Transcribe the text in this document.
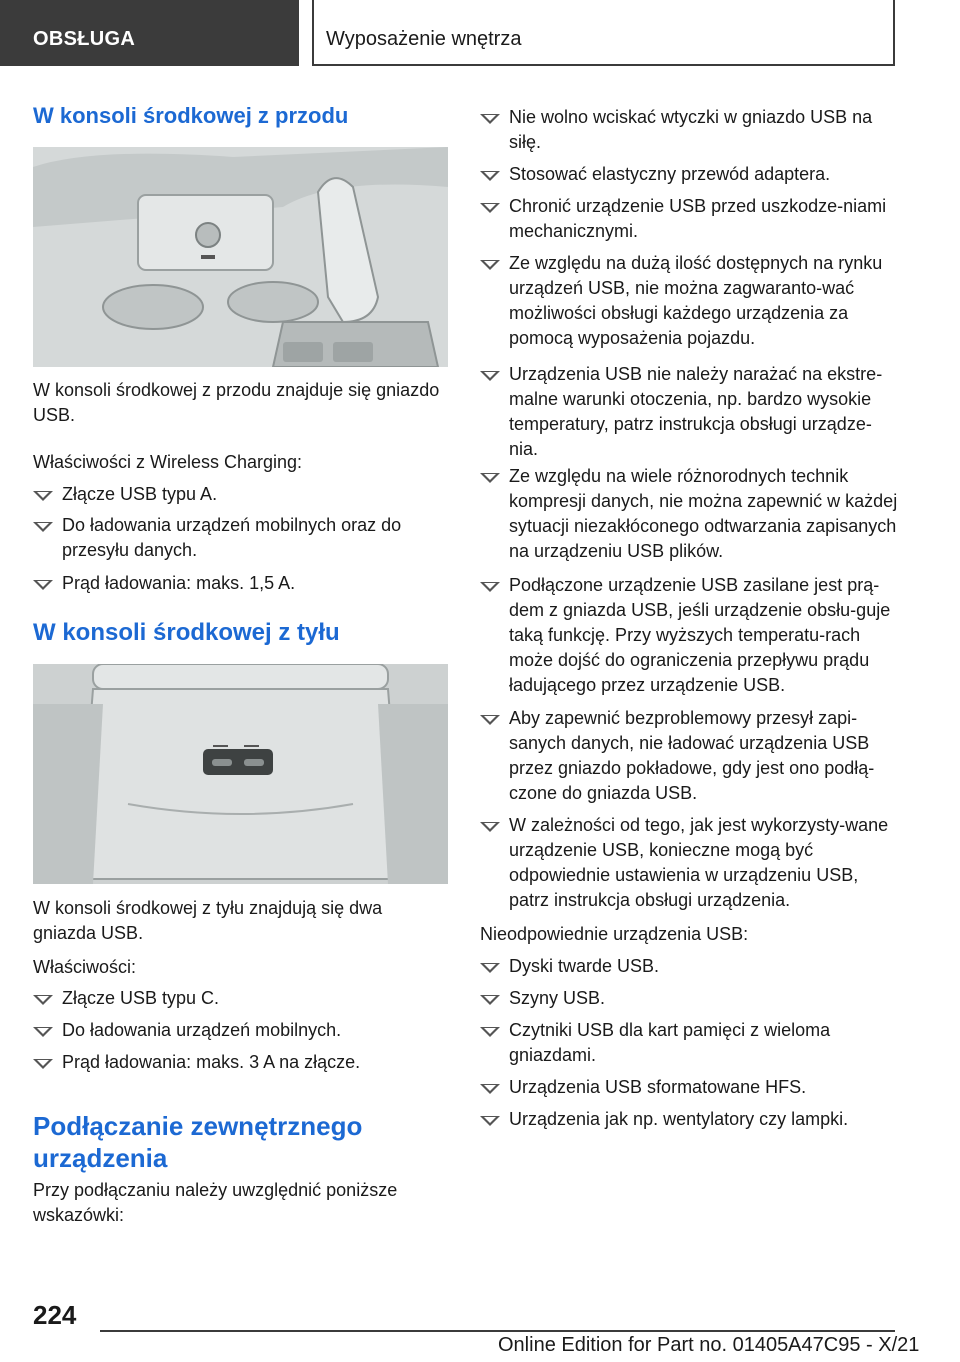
OBSŁUGA	Wyposażenie wnętrza
W konsoli środkowej z przodu

W konsoli środkowej z przodu znajduje się gniazdo USB.

Właściwości z Wireless Charging:

Złącze USB typu A.
Do ładowania urządzeń mobilnych oraz do przesyłu danych.
Prąd ładowania: maks. 1,5 A.
W konsoli środkowej z tyłu

W konsoli środkowej z tyłu znajdują się dwa gniazda USB.

Właściwości:

Złącze USB typu C.
Do ładowania urządzeń mobilnych.
Prąd ładowania: maks. 3 A na złącze.
Podłączanie zewnętrznego urządzenia

Przy podłączaniu należy uwzględnić poniższe wskazówki:

Nie wolno wciskać wtyczki w gniazdo USB na siłę.
Stosować elastyczny przewód adaptera.
Chronić urządzenie USB przed uszkodze-niami mechanicznymi.
Ze względu na dużą ilość dostępnych na rynku urządzeń USB, nie można zagwaranto-wać możliwości obsługi każdego urządzenia za pomocą wyposażenia pojazdu.
Urządzenia USB nie należy narażać na ekstre-malne warunki otoczenia, np. bardzo wysokie temperatury, patrz instrukcja obsługi urządze-nia.
Ze względu na wiele różnorodnych technik kompresji danych, nie można zapewnić w każdej sytuacji niezakłóconego odtwarzania zapisanych na urządzeniu USB plików.
Podłączone urządzenie USB zasilane jest prą-dem z gniazda USB, jeśli urządzenie obsłu-guje taką funkcję. Przy wyższych temperatu-rach może dojść do ograniczenia przepływu prądu ładującego przez urządzenie USB.
Aby zapewnić bezproblemowy przesył zapi-sanych danych, nie ładować urządzenia USB przez gniazdo pokładowe, gdy jest ono podłą-czone do gniazda USB.
W zależności od tego, jak jest wykorzysty-wane urządzenie USB, konieczne mogą być odpowiednie ustawienia w urządzeniu USB, patrz instrukcja obsługi urządzenia.

Nieodpowiednie urządzenia USB:

Dyski twarde USB.
Szyny USB.
Czytniki USB dla kart pamięci z wieloma gniazdami.
Urządzenia USB sformatowane HFS.
Urządzenia jak np. wentylatory czy lampki.
224
Online Edition for Part no. 01405A47C95 - X/21
